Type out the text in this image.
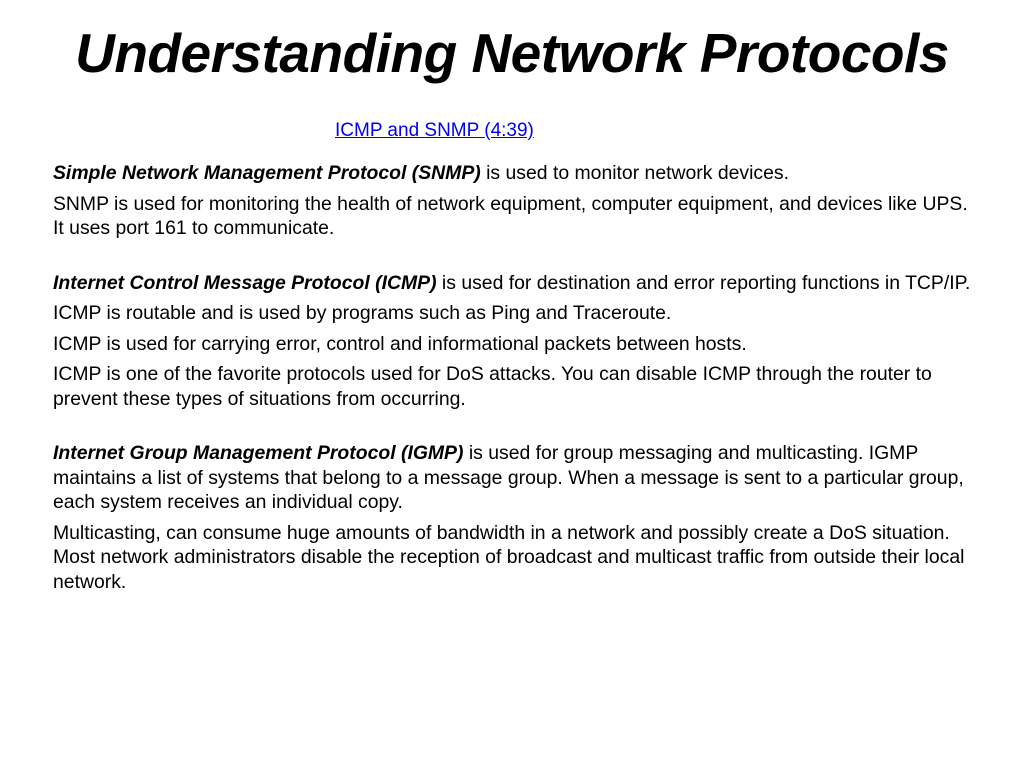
Understanding Network Protocols
ICMP and SNMP (4:39)

Simple Network Management Protocol (SNMP) is used to monitor network devices.

SNMP is used for monitoring the health of network equipment, computer equipment, and devices like UPS. It uses port 161 to communicate.

Internet Control Message Protocol (ICMP) is used for destination and error reporting functions in TCP/IP.

ICMP is routable and is used by programs such as Ping and Traceroute.

ICMP is used for carrying error, control and informational packets between hosts.

ICMP is one of the favorite protocols used for DoS attacks. You can disable ICMP through the router to prevent these types of situations from occurring.

Internet Group Management Protocol (IGMP) is used for group messaging and multicasting. IGMP maintains a list of systems that belong to a message group. When a message is sent to a particular group, each system receives an individual copy.

Multicasting, can consume huge amounts of bandwidth in a network and possibly create a DoS situation. Most network administrators disable the reception of broadcast and multicast traffic from outside their local network.
